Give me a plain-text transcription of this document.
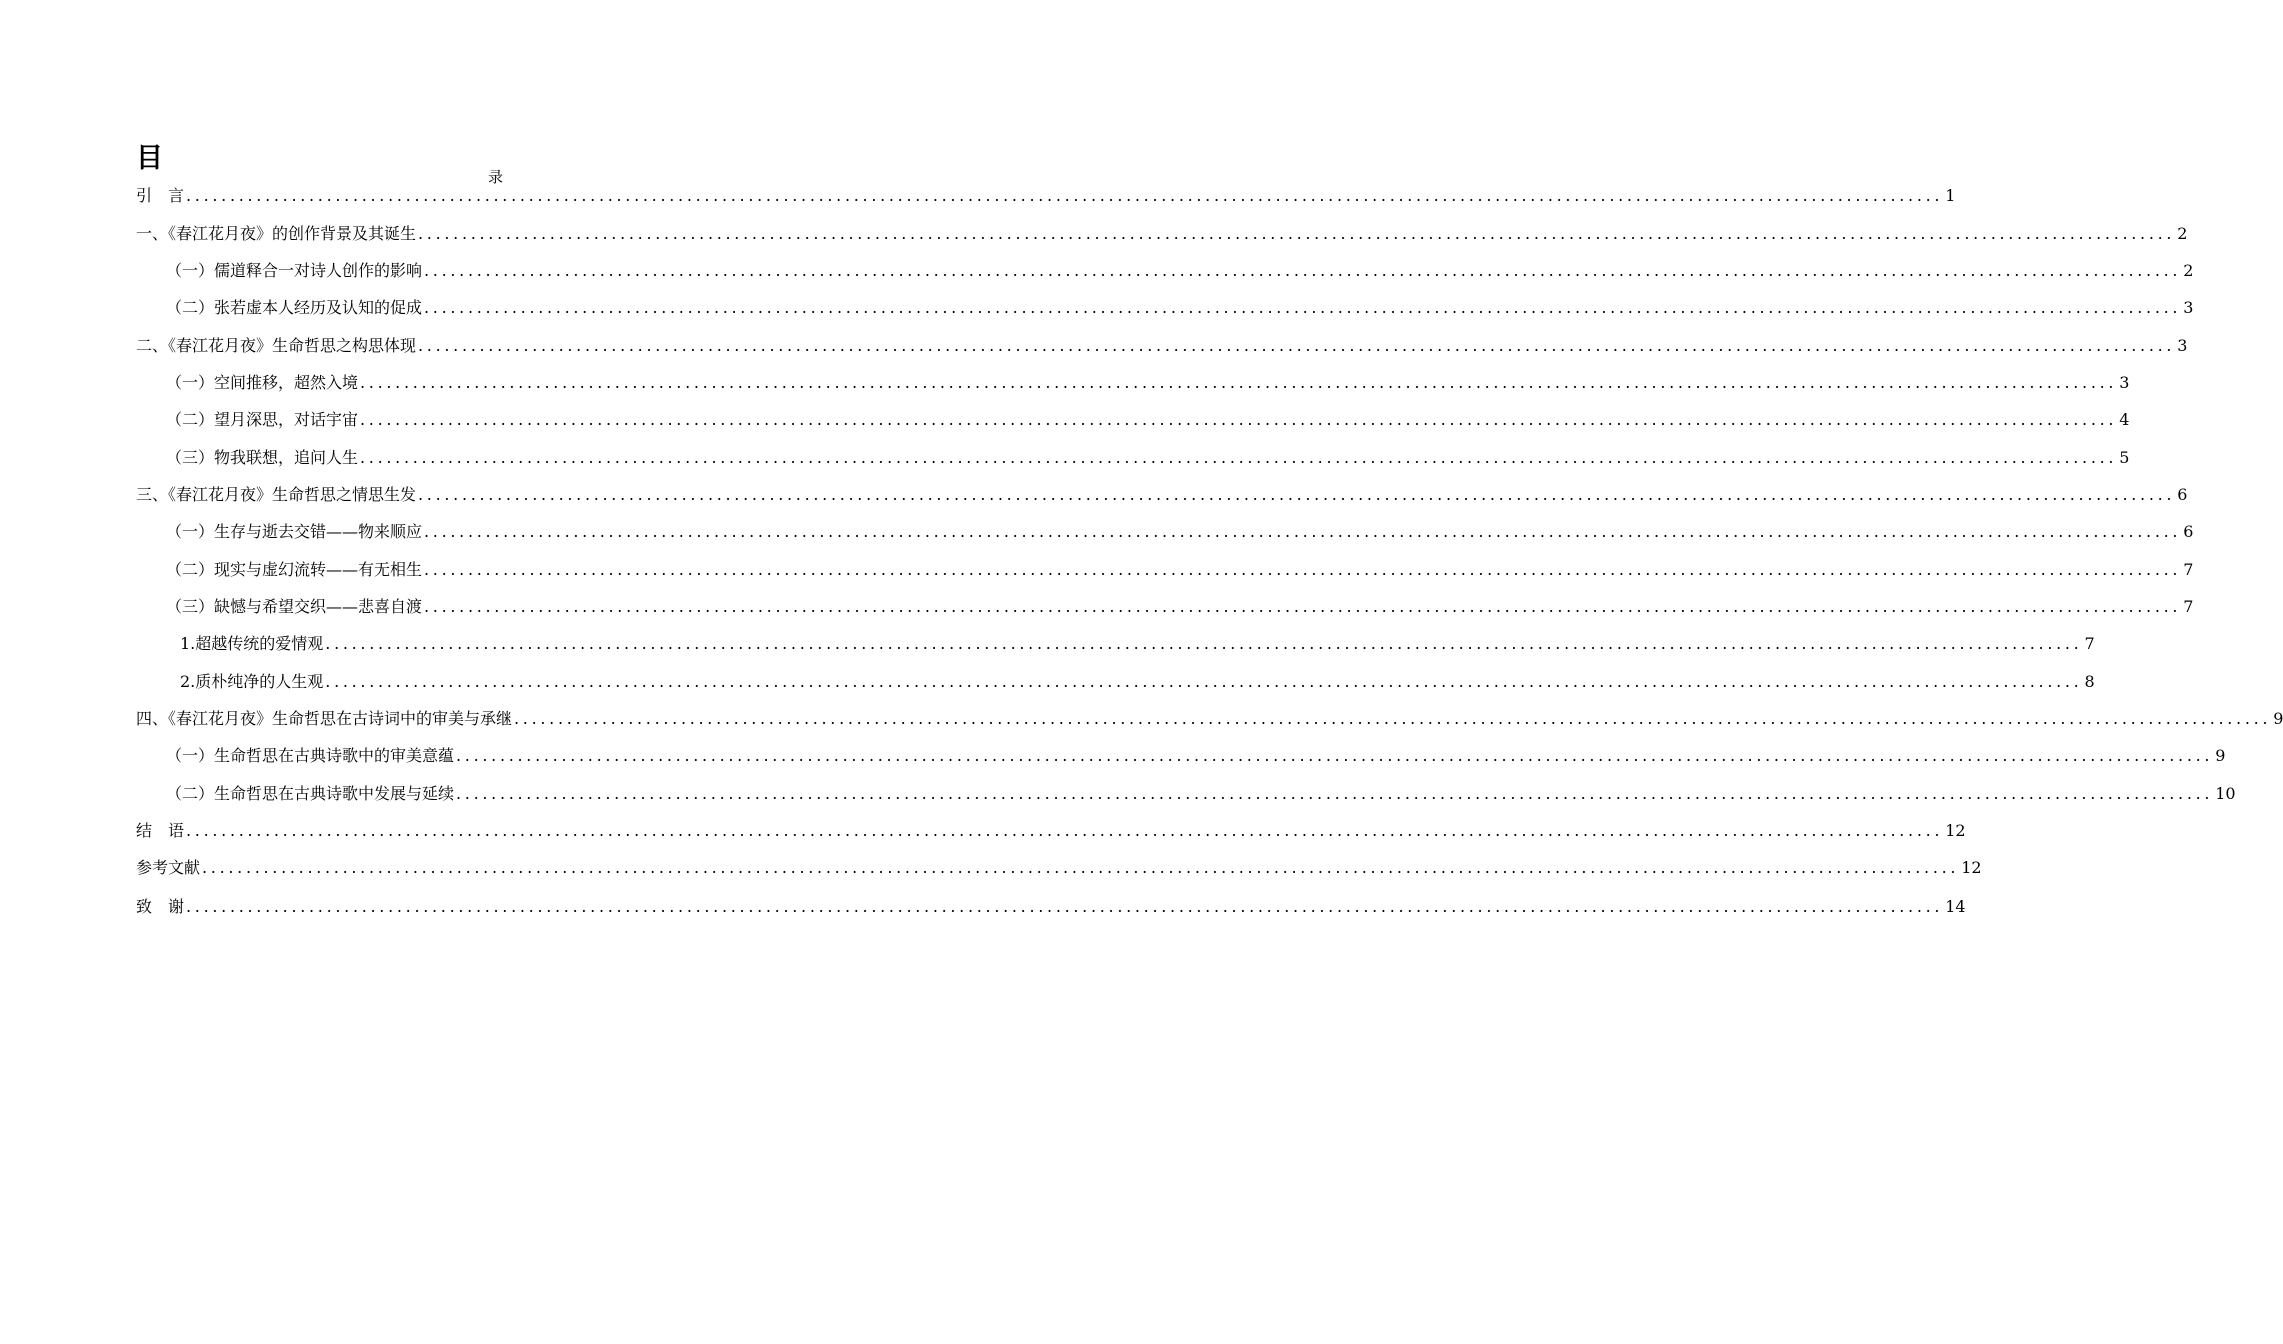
目
录
引　言 ........................................................................................................................................................................................................ 1
一、《春江花月夜》的创作背景及其诞生 ........................................................................................................................................................................................................ 2
（一）儒道释合一对诗人创作的影响 ........................................................................................................................................................................................................ 2
（二）张若虚本人经历及认知的促成 ........................................................................................................................................................................................................ 3
二、《春江花月夜》生命哲思之构思体现 ........................................................................................................................................................................................................ 3
（一）空间推移，超然入境 ........................................................................................................................................................................................................ 3
（二）望月深思，对话宇宙 ........................................................................................................................................................................................................ 4
（三）物我联想，追问人生 ........................................................................................................................................................................................................ 5
三、《春江花月夜》生命哲思之情思生发 ........................................................................................................................................................................................................ 6
（一）生存与逝去交错——物来顺应 ........................................................................................................................................................................................................ 6
（二）现实与虚幻流转——有无相生 ........................................................................................................................................................................................................ 7
（三）缺憾与希望交织——悲喜自渡 ........................................................................................................................................................................................................ 7
1.超越传统的爱情观 ........................................................................................................................................................................................................ 7
2.质朴纯净的人生观 ........................................................................................................................................................................................................ 8
四、《春江花月夜》生命哲思在古诗词中的审美与承继 ........................................................................................................................................................................................................ 9
（一）生命哲思在古典诗歌中的审美意蕴 ........................................................................................................................................................................................................ 9
（二）生命哲思在古典诗歌中发展与延续 ........................................................................................................................................................................................................ 10
结　语 ........................................................................................................................................................................................................ 12
参考文献 ........................................................................................................................................................................................................ 12
致　谢 ........................................................................................................................................................................................................ 14
